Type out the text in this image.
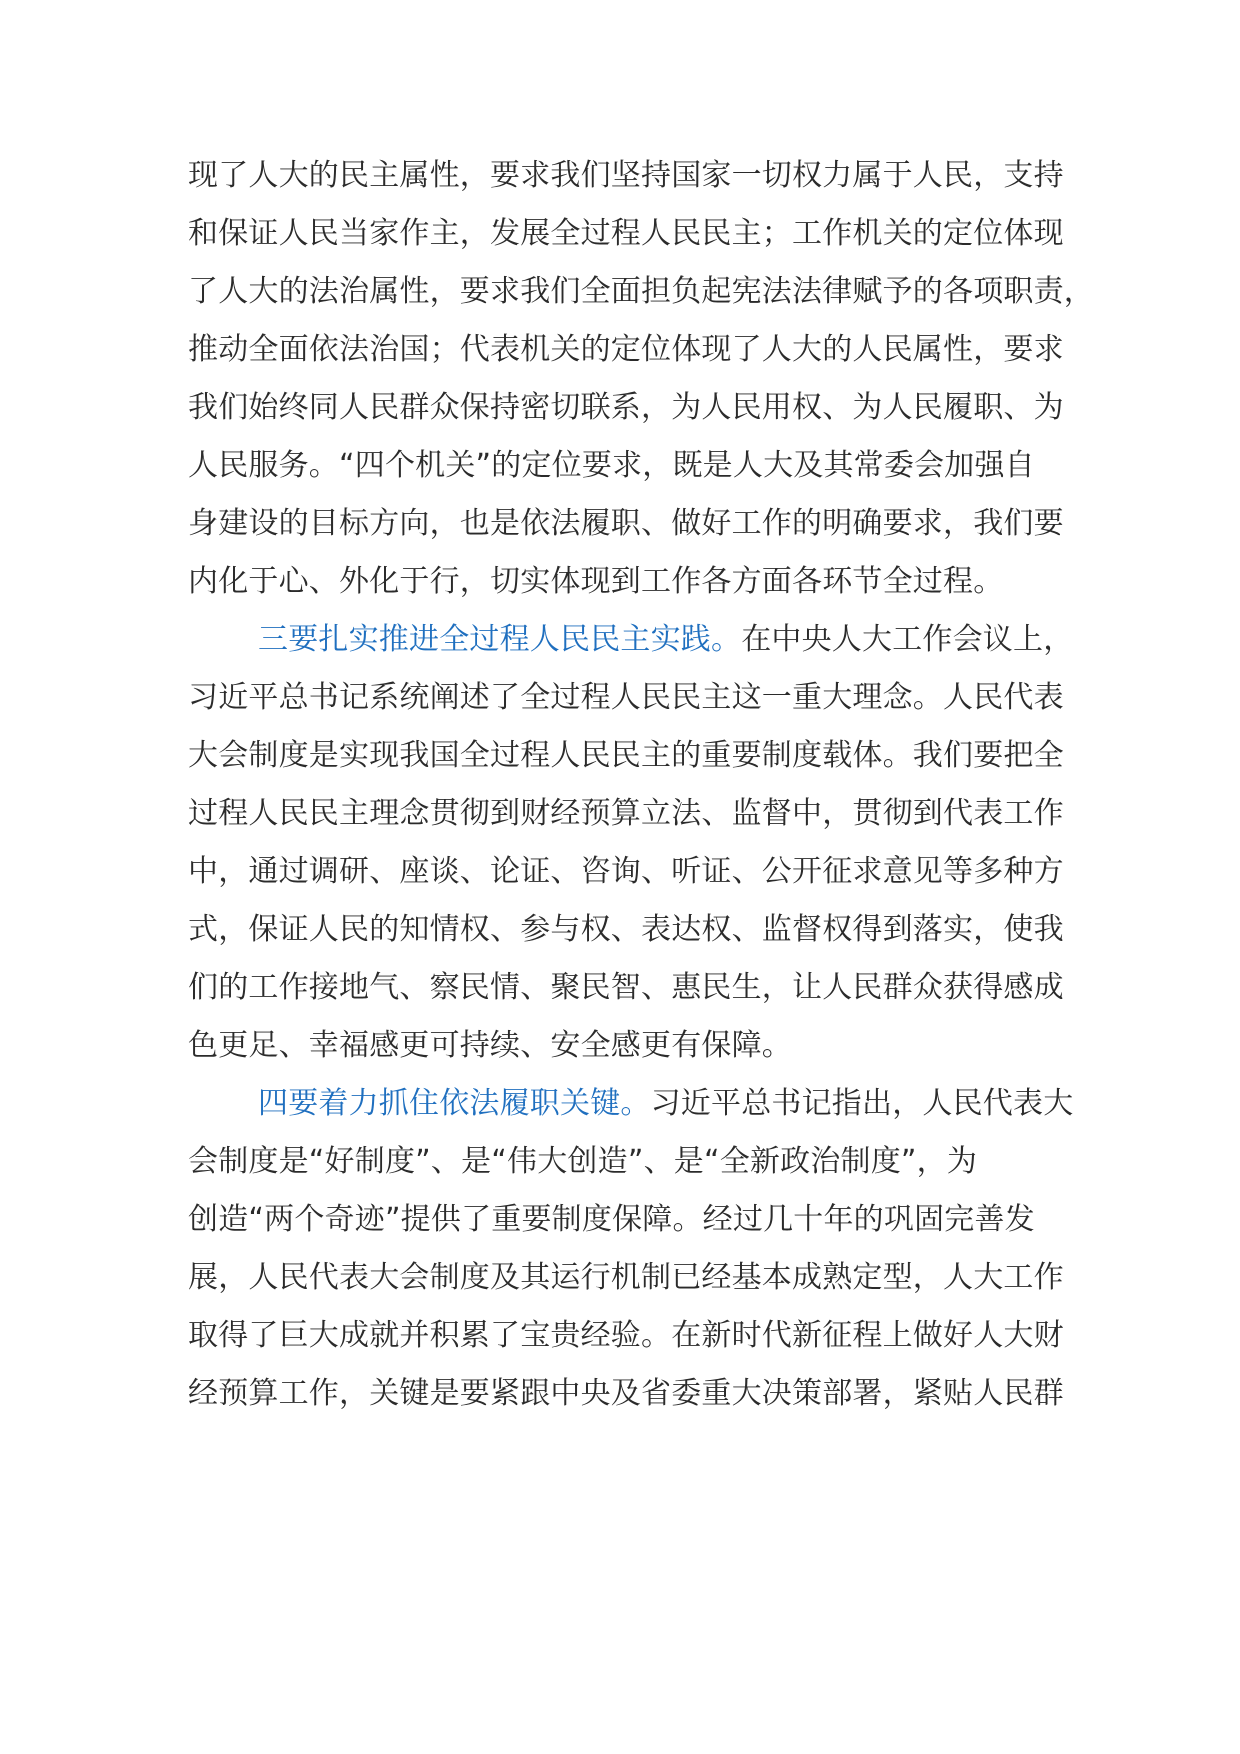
现了人大的民主属性，要求我们坚持国家一切权力属于人民，支持
和保证人民当家作主，发展全过程人民民主；工作机关的定位体现
了人大的法治属性，要求我们全面担负起宪法法律赋予的各项职责，
推动全面依法治国；代表机关的定位体现了人大的人民属性，要求
我们始终同人民群众保持密切联系，为人民用权、为人民履职、为
人民服务。“四个机关”的定位要求，既是人大及其常委会加强自
身建设的目标方向，也是依法履职、做好工作的明确要求，我们要
内化于心、外化于行，切实体现到工作各方面各环节全过程。
三要扎实推进全过程人民民主实践。在中央人大工作会议上，
习近平总书记系统阐述了全过程人民民主这一重大理念。人民代表
大会制度是实现我国全过程人民民主的重要制度载体。我们要把全
过程人民民主理念贯彻到财经预算立法、监督中，贯彻到代表工作
中，通过调研、座谈、论证、咨询、听证、公开征求意见等多种方
式，保证人民的知情权、参与权、表达权、监督权得到落实，使我
们的工作接地气、察民情、聚民智、惠民生，让人民群众获得感成
色更足、幸福感更可持续、安全感更有保障。
四要着力抓住依法履职关键。习近平总书记指出，人民代表大
会制度是“好制度”、是“伟大创造”、是“全新政治制度”，为
创造“两个奇迹”提供了重要制度保障。经过几十年的巩固完善发
展，人民代表大会制度及其运行机制已经基本成熟定型，人大工作
取得了巨大成就并积累了宝贵经验。在新时代新征程上做好人大财
经预算工作，关键是要紧跟中央及省委重大决策部署，紧贴人民群
